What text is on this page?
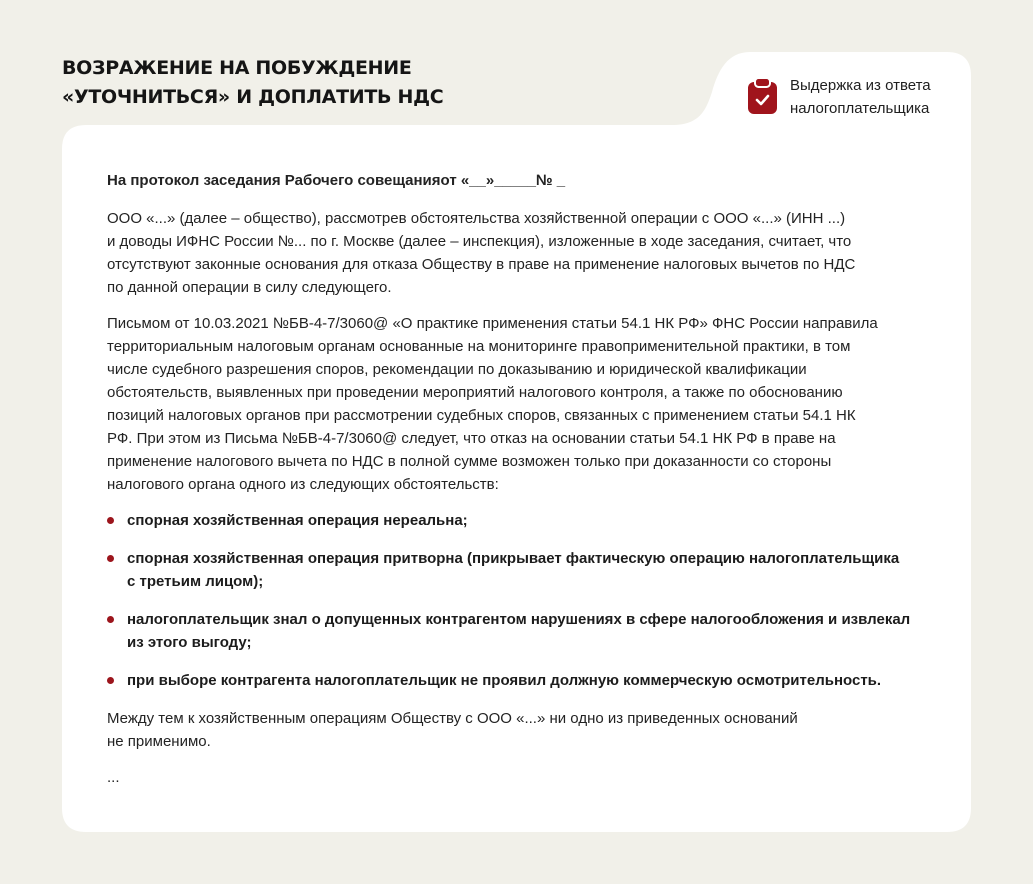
ВОЗРАЖЕНИЕ НА ПОБУЖДЕНИЕ
«УТОЧНИТЬСЯ» И ДОПЛАТИТЬ НДС
Выдержка из ответа
налогоплательщика

На протокол заседания Рабочего совещанияот «__»_____№ _

ООО «...» (далее – общество), рассмотрев обстоятельства хозяйственной операции с ООО «...» (ИНН ...)
и доводы ИФНС России №... по г. Москве (далее – инспекция), изложенные в ходе заседания, считает, что
отсутствуют законные основания для отказа Обществу в праве на применение налоговых вычетов по НДС
по данной операции в силу следующего.

Письмом от 10.03.2021 №БВ-4-7/3060@ «О практике применения статьи 54.1 НК РФ» ФНС России направила
территориальным налоговым органам основанные на мониторинге правоприменительной практики, в том
числе судебного разрешения споров, рекомендации по доказыванию и юридической квалификации
обстоятельств, выявленных при проведении мероприятий налогового контроля, а также по обоснованию
позиций налоговых органов при рассмотрении судебных споров, связанных с применением статьи 54.1 НК
РФ. При этом из Письма №БВ-4-7/3060@ следует, что отказ на основании статьи 54.1 НК РФ в праве на
применение налогового вычета по НДС в полной сумме возможен только при доказанности со стороны
налогового органа одного из следующих обстоятельств:

спорная хозяйственная операция нереальна;
спорная хозяйственная операция притворна (прикрывает фактическую операцию налогоплательщика
с третьим лицом);
налогоплательщик знал о допущенных контрагентом нарушениях в сфере налогообложения и извлекал
из этого выгоду;
при выборе контрагента налогоплательщик не проявил должную коммерческую осмотрительность.

Между тем к хозяйственным операциям Обществу с ООО «...» ни одно из приведенных оснований
не применимо.

...
